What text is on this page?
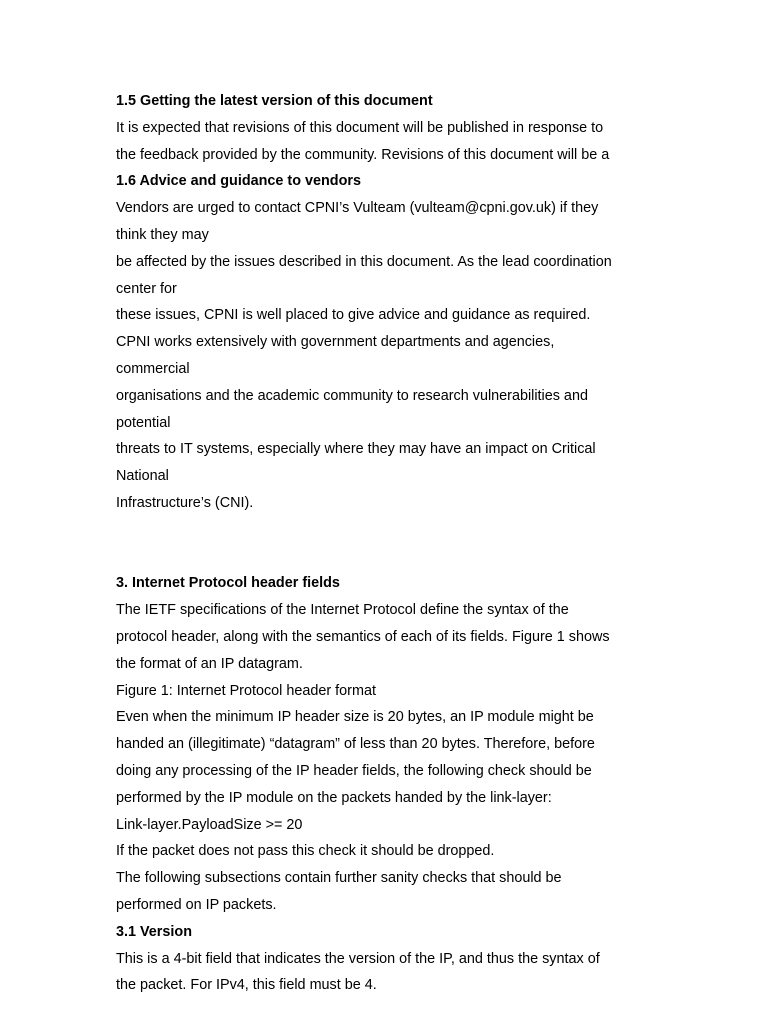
1.5 Getting the latest version of this document
It is expected that revisions of this document will be published in response to
the feedback provided by the community. Revisions of this document will be a
1.6 Advice and guidance to vendors
Vendors are urged to contact CPNI’s Vulteam (vulteam@cpni.gov.uk) if they
think they may
be affected by the issues described in this document. As the lead coordination
center for
these issues, CPNI is well placed to give advice and guidance as required.
CPNI works extensively with government departments and agencies,
commercial
organisations and the academic community to research vulnerabilities and
potential
threats to IT systems, especially where they may have an impact on Critical
National
Infrastructure’s (CNI).
3. Internet Protocol header fields
The IETF specifications of the Internet Protocol define the syntax of the
protocol header, along with the semantics of each of its fields. Figure 1 shows
the format of an IP datagram.
Figure 1: Internet Protocol header format
Even when the minimum IP header size is 20 bytes, an IP module might be
handed an (illegitimate) “datagram” of less than 20 bytes. Therefore, before
doing any processing of the IP header fields, the following check should be
performed by the IP module on the packets handed by the link-layer:
Link-layer.PayloadSize >= 20
If the packet does not pass this check it should be dropped.
The following subsections contain further sanity checks that should be
performed on IP packets.
3.1 Version
This is a 4-bit field that indicates the version of the IP, and thus the syntax of
the packet. For IPv4, this field must be 4.
